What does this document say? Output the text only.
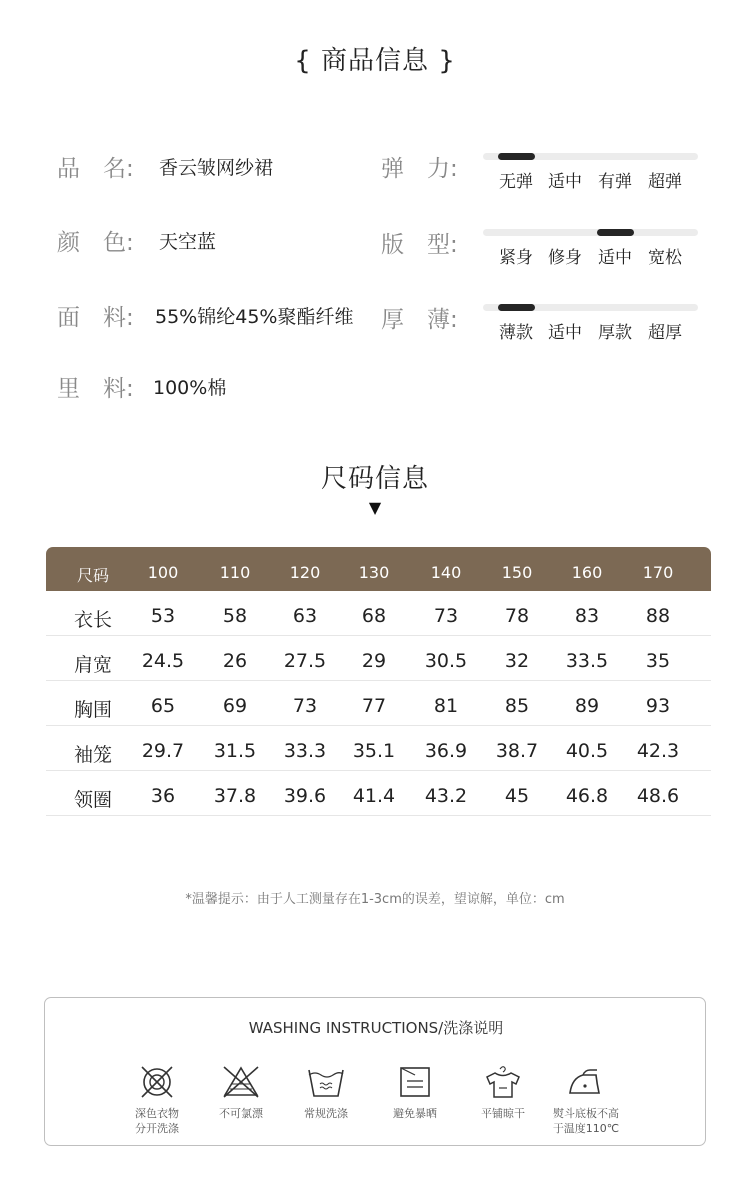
{ 商品信息 }
品　名: 香云皱网纱裙
颜　色: 天空蓝
面　料: 55%锦纶45%聚酯纤维
里　料: 100%棉
弹　力: 无弹 适中 有弹 超弹
版　型: 紧身 修身 适中 宽松
厚　薄: 薄款 适中 厚款 超厚
尺码信息
▼
尺码	100	110	120	130	140	150	160	170
衣长	53	58	63	68	73	78	83	88
肩宽	24.5	26	27.5	29	30.5	32	33.5	35
胸围	65	69	73	77	81	85	89	93
袖笼	29.7	31.5	33.3	35.1	36.9	38.7	40.5	42.3
领圈	36	37.8	39.6	41.4	43.2	45	46.8	48.6
*温馨提示：由于人工测量存在1-3cm的误差，望谅解，单位：cm
WASHING INSTRUCTIONS/洗涤说明
深色衣物
分开洗涤
不可氯漂	常规洗涤	避免暴晒	平铺晾干	熨斗底板不高
于温度110℃
